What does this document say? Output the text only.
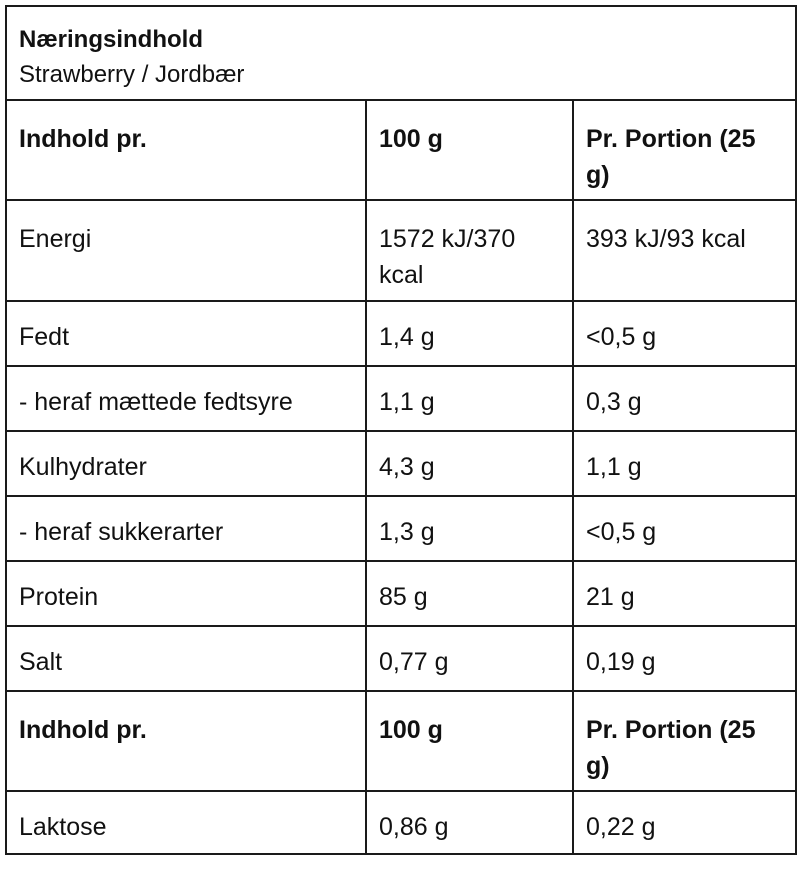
Næringsindhold
Strawberry / Jordbær		

Indhold pr.	100 g	Pr. Portion (25 g)
Energi	1572 kJ/370 kcal	393 kJ/93 kcal
Fedt	1,4 g	<0,5 g
- heraf mættede fedtsyre	1,1 g	0,3 g
Kulhydrater	4,3 g	1,1 g
- heraf sukkerarter	1,3 g	<0,5 g
Protein	85 g	21 g
Salt	0,77 g	0,19 g
Indhold pr.	100 g	Pr. Portion (25 g)
Laktose	0,86 g	0,22 g
